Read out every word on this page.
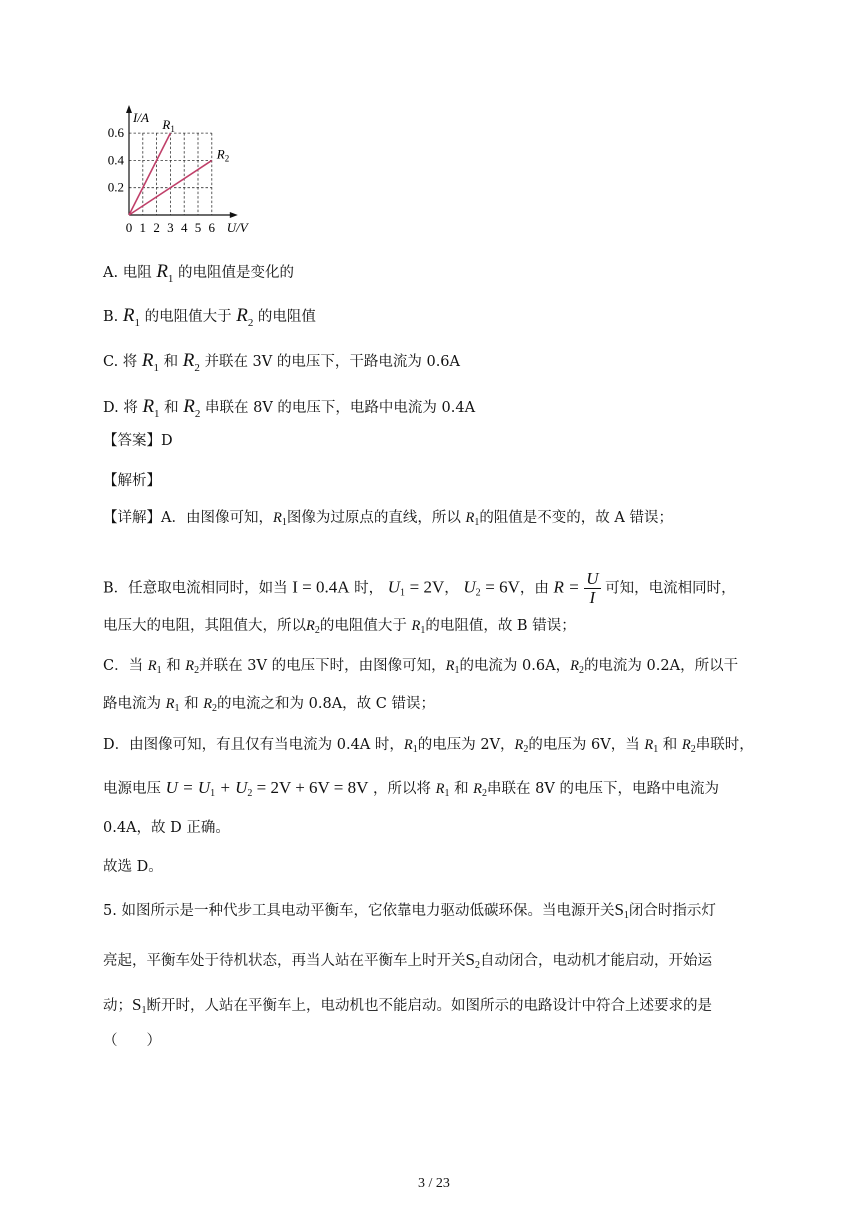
0.6
0.4
0.2
0 1 2 3 4 5 6
I/A
U/V
$R_1$
$R_2$
A. 电阻 $R_1$ 的电阻值是变化的
B. $R_1$ 的电阻值大于 $R_2$ 的电阻值
C. 将 $R_1$ 和 $R_2$ 并联在 3V 的电压下，干路电流为 0.6A
D. 将 $R_1$ 和 $R_2$ 串联在 8V 的电压下，电路中电流为 0.4A
【答案】D
【解析】
【详解】A．由图像可知，$R_1$图像为过原点的直线，所以 $R_1$的阻值是不变的，故 A 错误；
B．任意取电流相同时，如当 I = 0.4A 时， $U_1 = 2V$， $U_2 = 6V$，由 $R = \frac{U}{I}$ 可知，电流相同时，
电压大的电阻，其阻值大，所以$R_2$的电阻值大于 $R_1$的电阻值，故 B 错误；
C．当 $R_1$ 和 $R_2$并联在 3V 的电压下时，由图像可知，$R_1$的电流为 0.6A，$R_2$的电流为 0.2A，所以干
路电流为 $R_1$ 和 $R_2$的电流之和为 0.8A，故 C 错误；
D．由图像可知，有且仅有当电流为 0.4A 时，$R_1$的电压为 2V，$R_2$的电压为 6V，当 $R_1$ 和 $R_2$串联时，
电源电压 $U = U_1 + U_2 = 2V + 6V = 8V$ ，所以将 $R_1$ 和 $R_2$串联在 8V 的电压下，电路中电流为
0.4A，故 D 正确。
故选 D。
5. 如图所示是一种代步工具电动平衡车，它依靠电力驱动低碳环保。当电源开关$S_1$闭合时指示灯
亮起，平衡车处于待机状态，再当人站在平衡车上时开关$S_2$自动闭合，电动机才能启动，开始运
动；$S_1$断开时，人站在平衡车上，电动机也不能启动。如图所示的电路设计中符合上述要求的是
（　　）
3 / 23
